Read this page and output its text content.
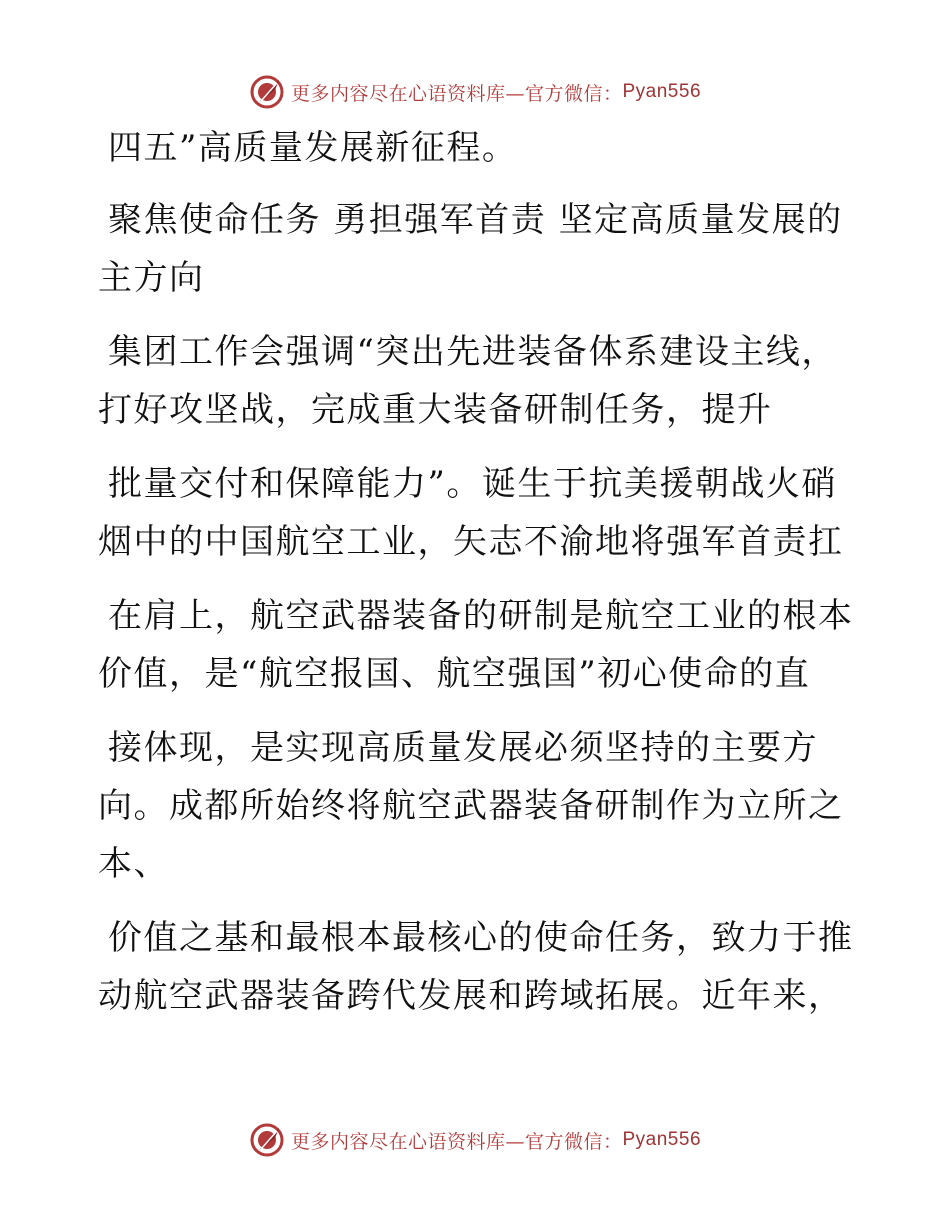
更多内容尽在心语资料库—官方微信： Pyan556
四五”高质量发展新征程。
聚焦使命任务 勇担强军首责 坚定高质量发展的
主方向
集团工作会强调“突出先进装备体系建设主线，
打好攻坚战，完成重大装备研制任务，提升
批量交付和保障能力”。诞生于抗美援朝战火硝
烟中的中国航空工业，矢志不渝地将强军首责扛
在肩上，航空武器装备的研制是航空工业的根本
价值，是“航空报国、航空强国”初心使命的直
接体现，是实现高质量发展必须坚持的主要方
向。成都所始终将航空武器装备研制作为立所之
本、
价值之基和最根本最核心的使命任务，致力于推
动航空武器装备跨代发展和跨域拓展。近年来，
更多内容尽在心语资料库—官方微信： Pyan556
